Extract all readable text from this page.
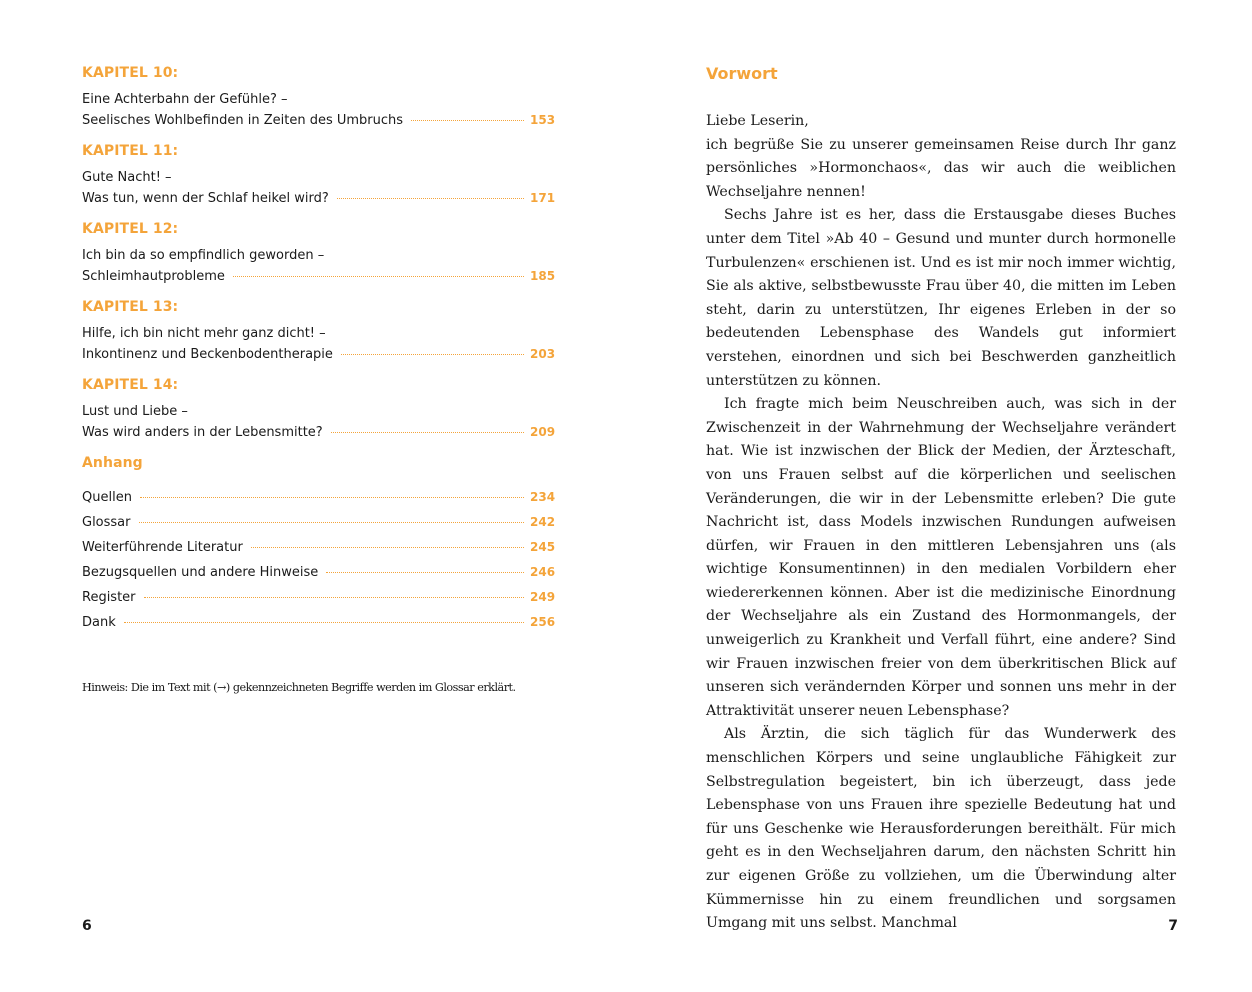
KAPITEL 10:
Eine Achterbahn der Gefühle? –
Seelisches Wohlbefinden in Zeiten des Umbruchs	153
KAPITEL 11:
Gute Nacht! –
Was tun, wenn der Schlaf heikel wird?	171
KAPITEL 12:
Ich bin da so empfindlich geworden –
Schleimhautprobleme	185
KAPITEL 13:
Hilfe, ich bin nicht mehr ganz dicht! –
Inkontinenz und Beckenbodentherapie	203
KAPITEL 14:
Lust und Liebe –
Was wird anders in der Lebensmitte?	209
Anhang
Quellen	234
Glossar	242
Weiterführende Literatur	245
Bezugsquellen und andere Hinweise	246
Register	249
Dank	256
Hinweis: Die im Text mit (→) gekennzeichneten Begriffe werden im Glossar erklärt.
6
Vorwort

Liebe Leserin,

ich begrüße Sie zu unserer gemeinsamen Reise durch Ihr ganz persönliches »Hormonchaos«, das wir auch die weiblichen Wechseljahre nennen!

Sechs Jahre ist es her, dass die Erstausgabe dieses Buches unter dem Titel »Ab 40 – Gesund und munter durch hormonelle Turbulenzen« erschienen ist. Und es ist mir noch immer wichtig, Sie als aktive, selbstbewusste Frau über 40, die mitten im Leben steht, darin zu unterstützen, Ihr eigenes Erleben in der so bedeutenden Lebensphase des Wandels gut informiert verstehen, einordnen und sich bei Beschwerden ganzheitlich unterstützen zu können.

Ich fragte mich beim Neuschreiben auch, was sich in der Zwischenzeit in der Wahrnehmung der Wechseljahre verändert hat. Wie ist inzwischen der Blick der Medien, der Ärzteschaft, von uns Frauen selbst auf die körperlichen und seelischen Veränderungen, die wir in der Lebensmitte erleben? Die gute Nachricht ist, dass Models inzwischen Rundungen aufweisen dürfen, wir Frauen in den mittleren Lebensjahren uns (als wichtige Konsumentinnen) in den medialen Vorbildern eher wiedererkennen können. Aber ist die medizinische Einordnung der Wechseljahre als ein Zustand des Hormonmangels, der unweigerlich zu Krankheit und Verfall führt, eine andere? Sind wir Frauen inzwischen freier von dem überkritischen Blick auf unseren sich verändernden Körper und sonnen uns mehr in der Attraktivität unserer neuen Lebensphase?

Als Ärztin, die sich täglich für das Wunderwerk des menschlichen Körpers und seine unglaubliche Fähigkeit zur Selbstregulation begeistert, bin ich überzeugt, dass jede Lebensphase von uns Frauen ihre spezielle Bedeutung hat und für uns Geschenke wie Herausforderungen bereithält. Für mich geht es in den Wechseljahren darum, den nächsten Schritt hin zur eigenen Größe zu vollziehen, um die Überwindung alter Kümmernisse hin zu einem freundlichen und sorgsamen Umgang mit uns selbst. Manchmal	7
